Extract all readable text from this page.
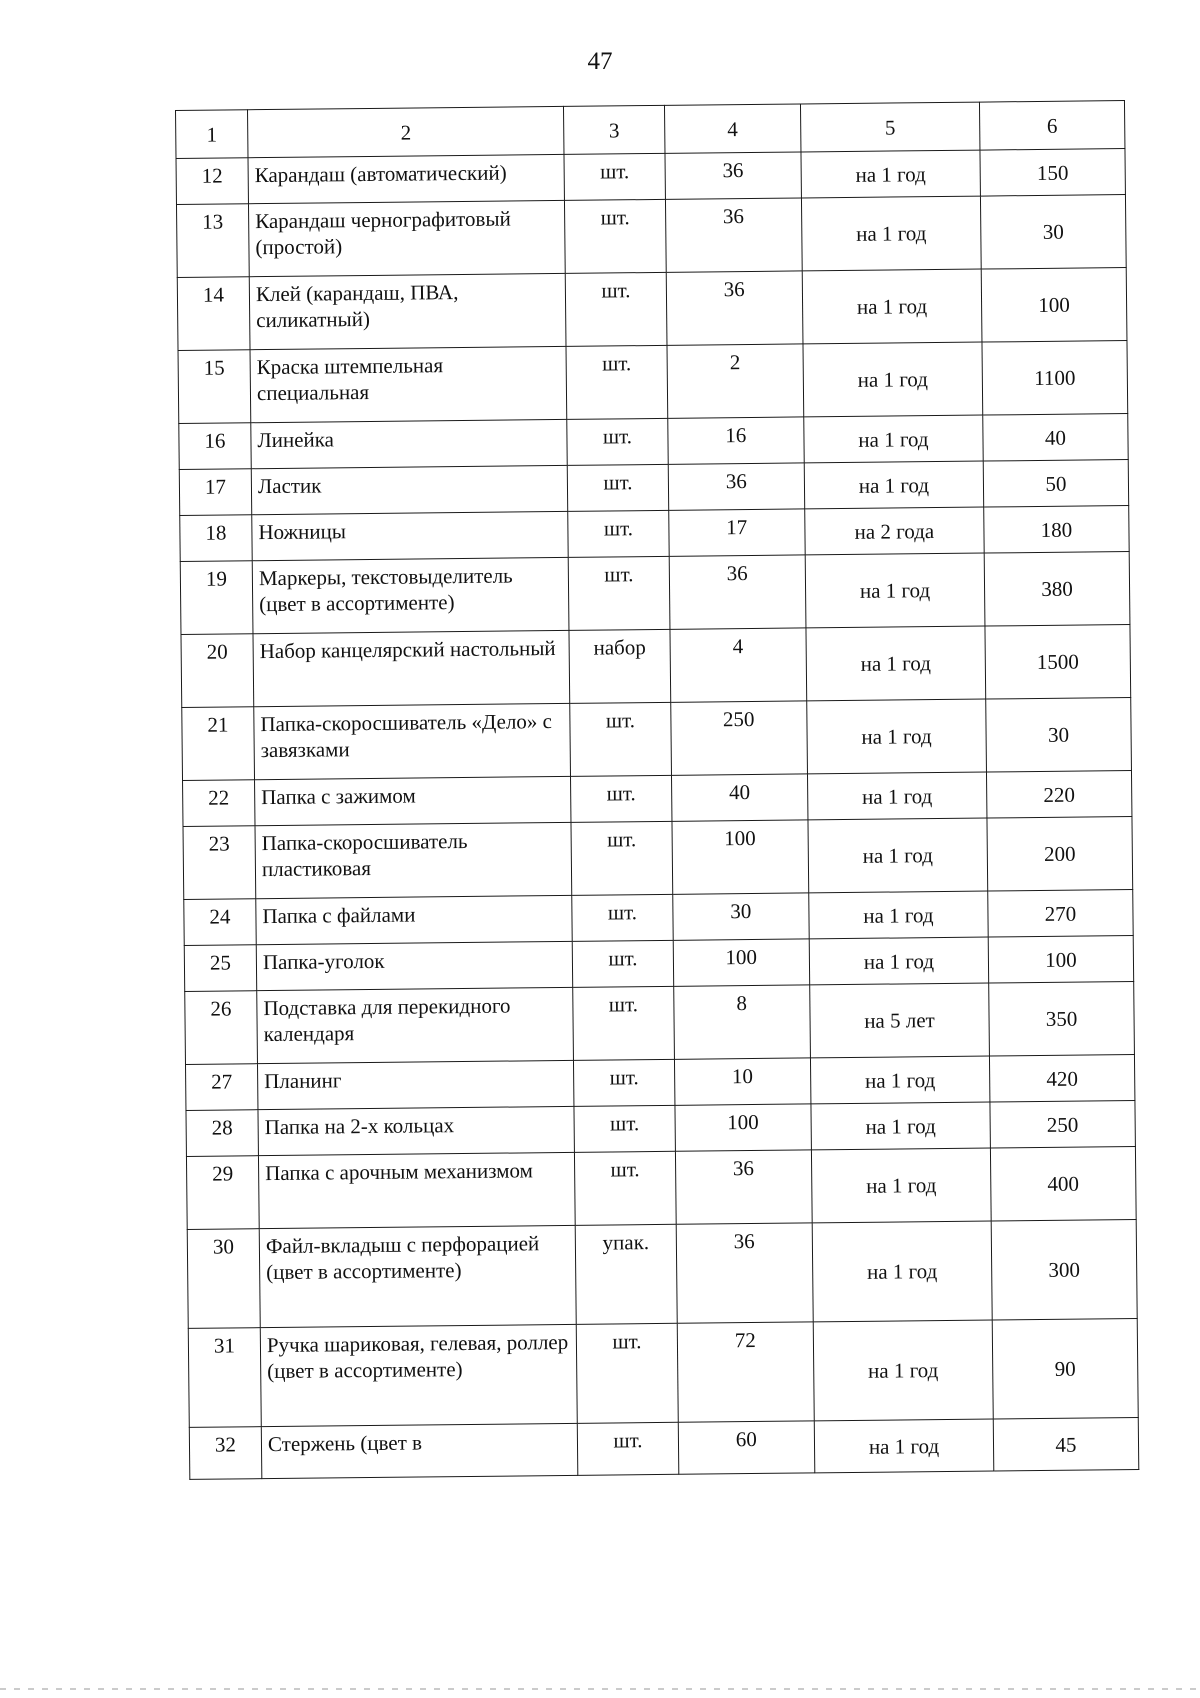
47
1	2	3	4	5	6
12	Карандаш (автоматический)	шт.	36	на 1 год	150
13	Карандаш чернографитовый (простой)	шт.	36	на 1 год	30
14	Клей (карандаш, ПВА, силикатный)	шт.	36	на 1 год	100
15	Краска штемпельная специальная	шт.	2	на 1 год	1100
16	Линейка	шт.	16	на 1 год	40
17	Ластик	шт.	36	на 1 год	50
18	Ножницы	шт.	17	на 2 года	180
19	Маркеры, текстовыделитель (цвет в ассортименте)	шт.	36	на 1 год	380
20	Набор канцелярский настольный	набор	4	на 1 год	1500
21	Папка-скоросшиватель «Дело» с завязками	шт.	250	на 1 год	30
22	Папка с зажимом	шт.	40	на 1 год	220
23	Папка-скоросшиватель пластиковая	шт.	100	на 1 год	200
24	Папка с файлами	шт.	30	на 1 год	270
25	Папка-уголок	шт.	100	на 1 год	100
26	Подставка для перекидного календаря	шт.	8	на 5 лет	350
27	Планинг	шт.	10	на 1 год	420
28	Папка на 2-х кольцах	шт.	100	на 1 год	250
29	Папка с арочным механизмом	шт.	36	на 1 год	400
30	Файл-вкладыш с перфорацией (цвет в ассортименте)	упак.	36	на 1 год	300
31	Ручка шариковая, гелевая, роллер (цвет в ассортименте)	шт.	72	на 1 год	90
32	Стержень (цвет в	шт.	60	на 1 год	45
